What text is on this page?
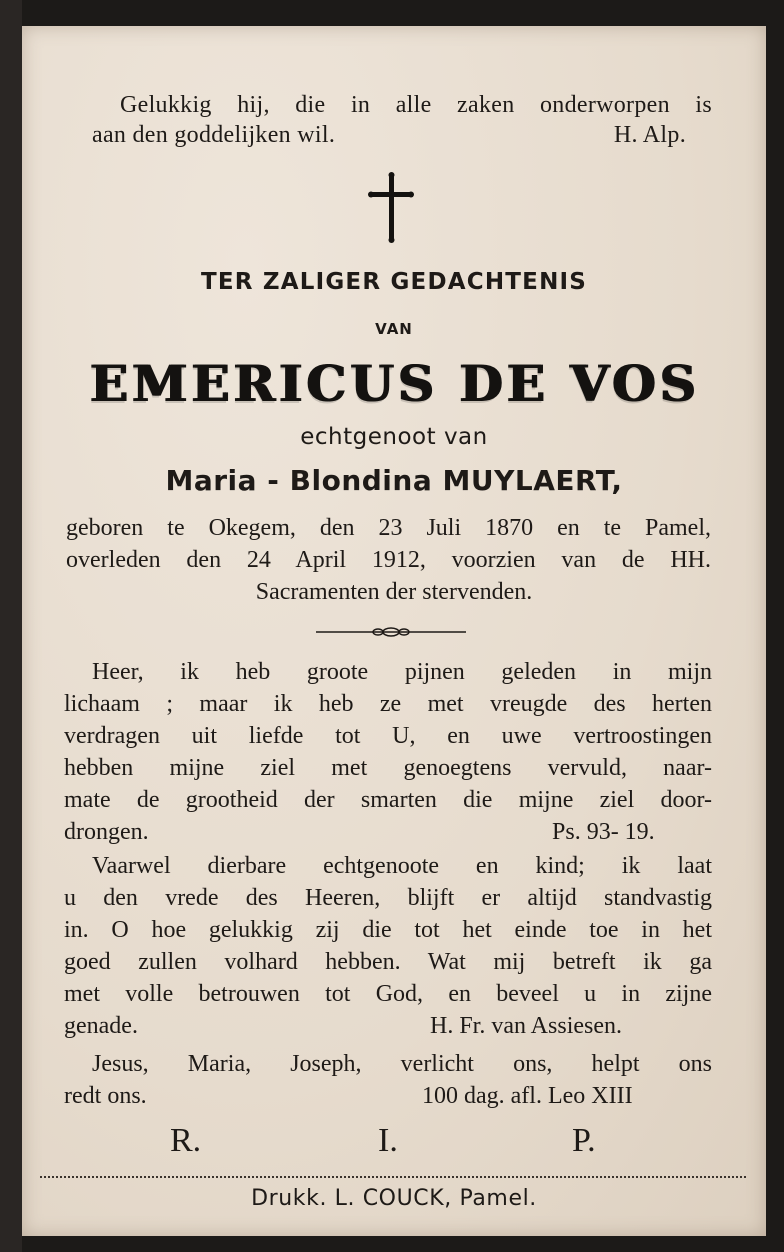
Gelukkig hij, die in alle zaken onderworpen is
aan den goddelijken wil.	H. Alp.
TER ZALIGER GEDACHTENIS
VAN
EMERICUS DE VOS
echtgenoot van
Maria - Blondina MUYLAERT,
geboren te Okegem, den 23 Juli 1870 en te Pamel,
overleden den 24 April 1912, voorzien van de HH.
Sacramenten der stervenden.
Heer, ik heb groote pijnen geleden in mijn
lichaam ; maar ik heb ze met vreugde des herten
verdragen uit liefde tot U, en uwe vertroostingen
hebben mijne ziel met genoegtens vervuld, naar-
mate de grootheid der smarten die mijne ziel door-
drongen.	Ps. 93- 19.
Vaarwel dierbare echtgenoote en kind; ik laat
u den vrede des Heeren, blijft er altijd standvastig
in. O hoe gelukkig zij die tot het einde toe in het
goed zullen volhard hebben. Wat mij betreft ik ga
met volle betrouwen tot God, en beveel u in zijne
genade.	H. Fr. van Assiesen.
Jesus, Maria, Joseph, verlicht ons, helpt ons
redt ons.	100 dag. afl. Leo XIII
R.	I.	P.
Drukk. L. COUCK, Pamel.
